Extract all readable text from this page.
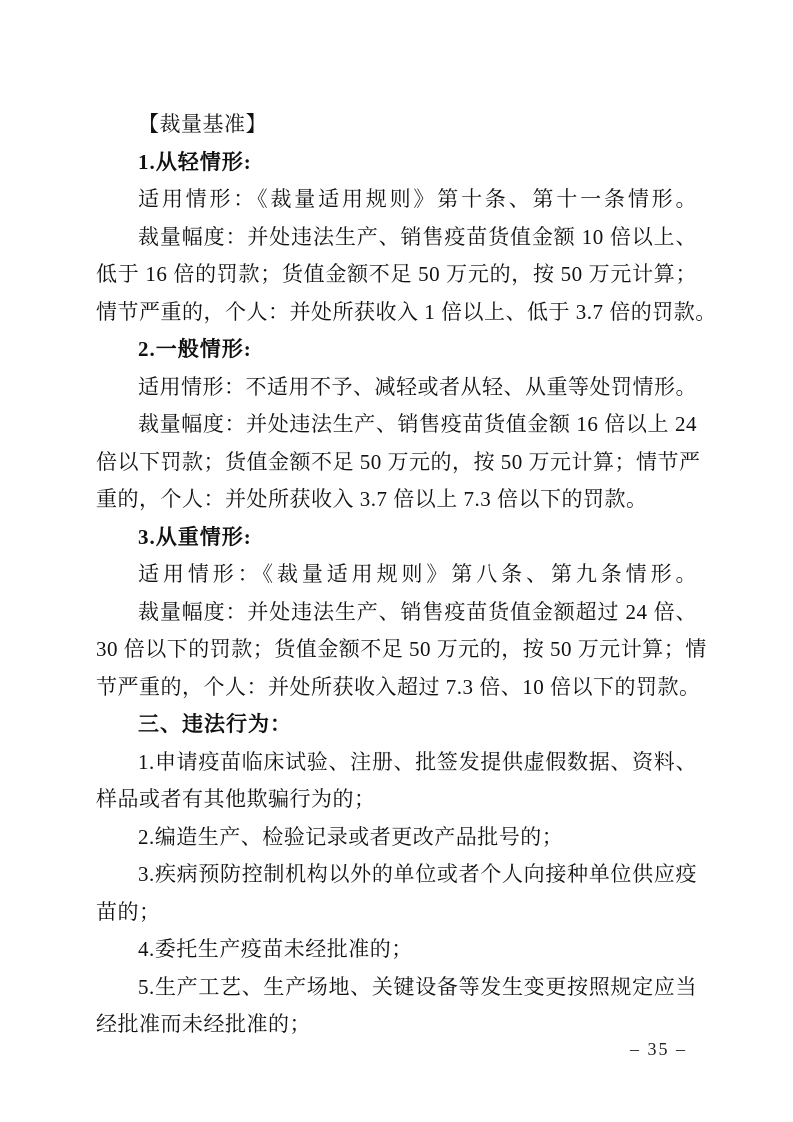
【裁量基准】
1.从轻情形:
适用情形：《裁量适用规则》第十条、第十一条情形。
裁量幅度：并处违法生产、销售疫苗货值金额 10 倍以上、
低于 16 倍的罚款；货值金额不足 50 万元的，按 50 万元计算；
情节严重的，个人：并处所获收入 1 倍以上、低于 3.7 倍的罚款。
2.一般情形:
适用情形：不适用不予、减轻或者从轻、从重等处罚情形。
裁量幅度：并处违法生产、销售疫苗货值金额 16 倍以上 24
倍以下罚款；货值金额不足 50 万元的，按 50 万元计算；情节严
重的，个人：并处所获收入 3.7 倍以上 7.3 倍以下的罚款。
3.从重情形:
适用情形：《裁量适用规则》第八条、第九条情形。
裁量幅度：并处违法生产、销售疫苗货值金额超过 24 倍、
30 倍以下的罚款；货值金额不足 50 万元的，按 50 万元计算；情
节严重的，个人：并处所获收入超过 7.3 倍、10 倍以下的罚款。
三、违法行为：
1.申请疫苗临床试验、注册、批签发提供虚假数据、资料、
样品或者有其他欺骗行为的；
2.编造生产、检验记录或者更改产品批号的；
3.疾病预防控制机构以外的单位或者个人向接种单位供应疫
苗的；
4.委托生产疫苗未经批准的；
5.生产工艺、生产场地、关键设备等发生变更按照规定应当
经批准而未经批准的；
– 35 –
